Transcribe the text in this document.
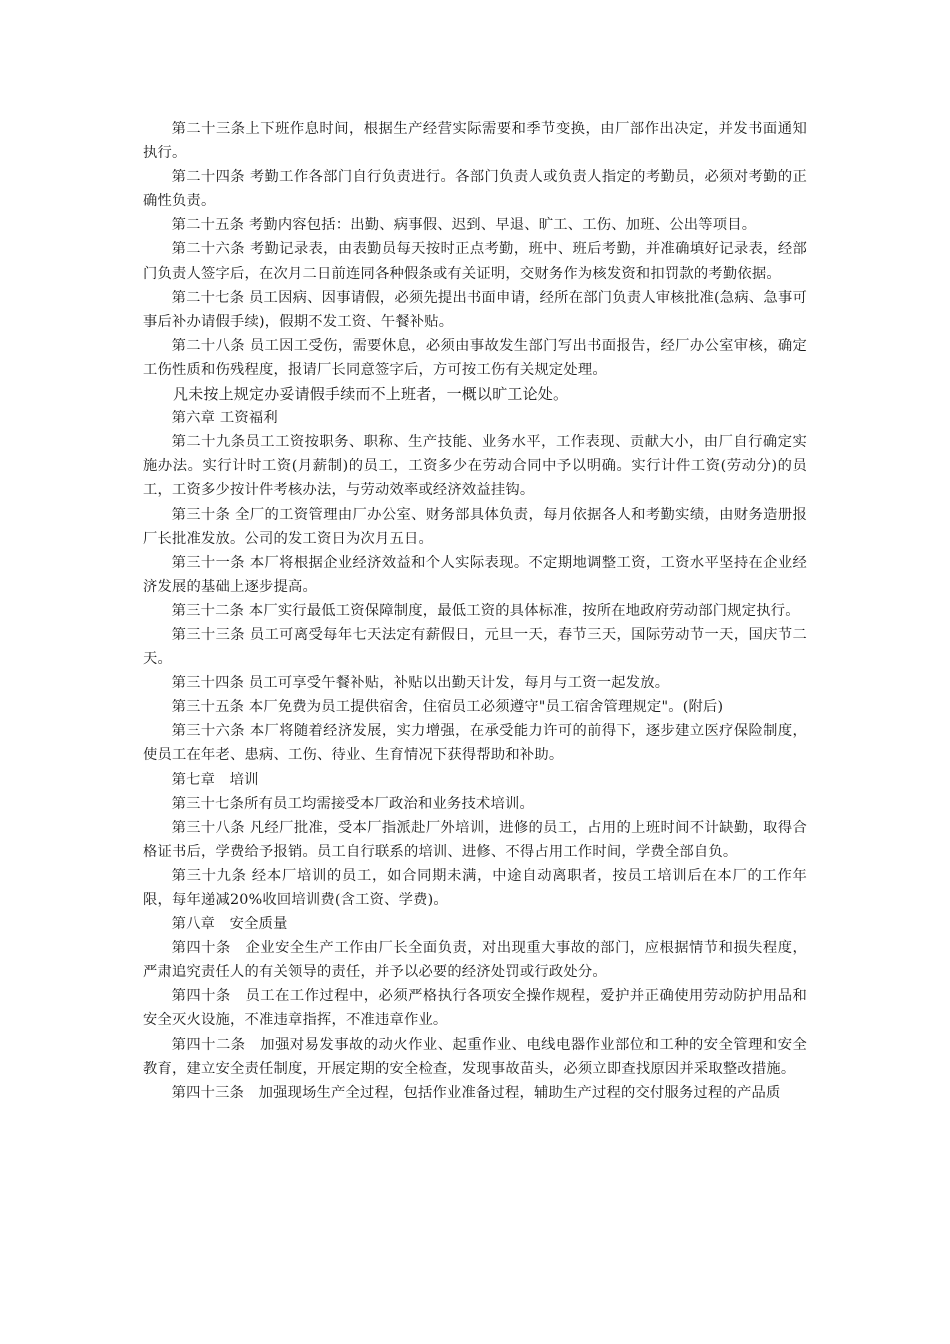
第二十三条上下班作息时间，根据生产经营实际需要和季节变换，由厂部作出决定，并发书面通知执行。

第二十四条 考勤工作各部门自行负责进行。各部门负责人或负责人指定的考勤员，必须对考勤的正确性负责。

第二十五条 考勤内容包括：出勤、病事假、迟到、早退、旷工、工伤、加班、公出等项目。

第二十六条 考勤记录表，由表勤员每天按时正点考勤，班中、班后考勤，并准确填好记录表，经部门负责人签字后，在次月二日前连同各种假条或有关证明，交财务作为核发资和扣罚款的考勤依据。

第二十七条 员工因病、因事请假，必须先提出书面申请，经所在部门负责人审核批准(急病、急事可事后补办请假手续)，假期不发工资、午餐补贴。

第二十八条 员工因工受伤，需要休息，必须由事故发生部门写出书面报告，经厂办公室审核，确定工伤性质和伤残程度，报请厂长同意签字后，方可按工伤有关规定处理。

凡未按上规定办妥请假手续而不上班者，一概以旷工论处。

第六章 工资福利

第二十九条员工工资按职务、职称、生产技能、业务水平，工作表现、贡献大小，由厂自行确定实施办法。实行计时工资(月薪制)的员工，工资多少在劳动合同中予以明确。实行计件工资(劳动分)的员工，工资多少按计件考核办法，与劳动效率或经济效益挂钩。

第三十条 全厂的工资管理由厂办公室、财务部具体负责，每月依据各人和考勤实绩，由财务造册报厂长批准发放。公司的发工资日为次月五日。

第三十一条 本厂将根据企业经济效益和个人实际表现。不定期地调整工资，工资水平坚持在企业经济发展的基础上逐步提高。

第三十二条 本厂实行最低工资保障制度，最低工资的具体标准，按所在地政府劳动部门规定执行。

第三十三条 员工可离受每年七天法定有薪假日，元旦一天，春节三天，国际劳动节一天，国庆节二天。

第三十四条 员工可享受午餐补贴，补贴以出勤天计发，每月与工资一起发放。

第三十五条 本厂免费为员工提供宿舍，住宿员工必须遵守"员工宿舍管理规定"。(附后)

第三十六条 本厂将随着经济发展，实力增强，在承受能力许可的前得下，逐步建立医疗保险制度，使员工在年老、患病、工伤、待业、生育情况下获得帮助和补助。

第七章　培训

第三十七条所有员工均需接受本厂政治和业务技术培训。

第三十八条 凡经厂批准，受本厂指派赴厂外培训，进修的员工，占用的上班时间不计缺勤，取得合格证书后，学费给予报销。员工自行联系的培训、进修、不得占用工作时间，学费全部自负。

第三十九条 经本厂培训的员工，如合同期未满，中途自动离职者，按员工培训后在本厂的工作年限，每年递减20%收回培训费(含工资、学费)。

第八章　安全质量

第四十条　企业安全生产工作由厂长全面负责，对出现重大事故的部门，应根据情节和损失程度，严肃追究责任人的有关领导的责任，并予以必要的经济处罚或行政处分。

第四十条　员工在工作过程中，必须严格执行各项安全操作规程，爱护并正确使用劳动防护用品和安全灭火设施，不准违章指挥，不准违章作业。

第四十二条　加强对易发事故的动火作业、起重作业、电线电器作业部位和工种的安全管理和安全教育，建立安全责任制度，开展定期的安全检查，发现事故苗头，必须立即查找原因并采取整改措施。

第四十三条　加强现场生产全过程，包括作业准备过程，辅助生产过程的交付服务过程的产品质
